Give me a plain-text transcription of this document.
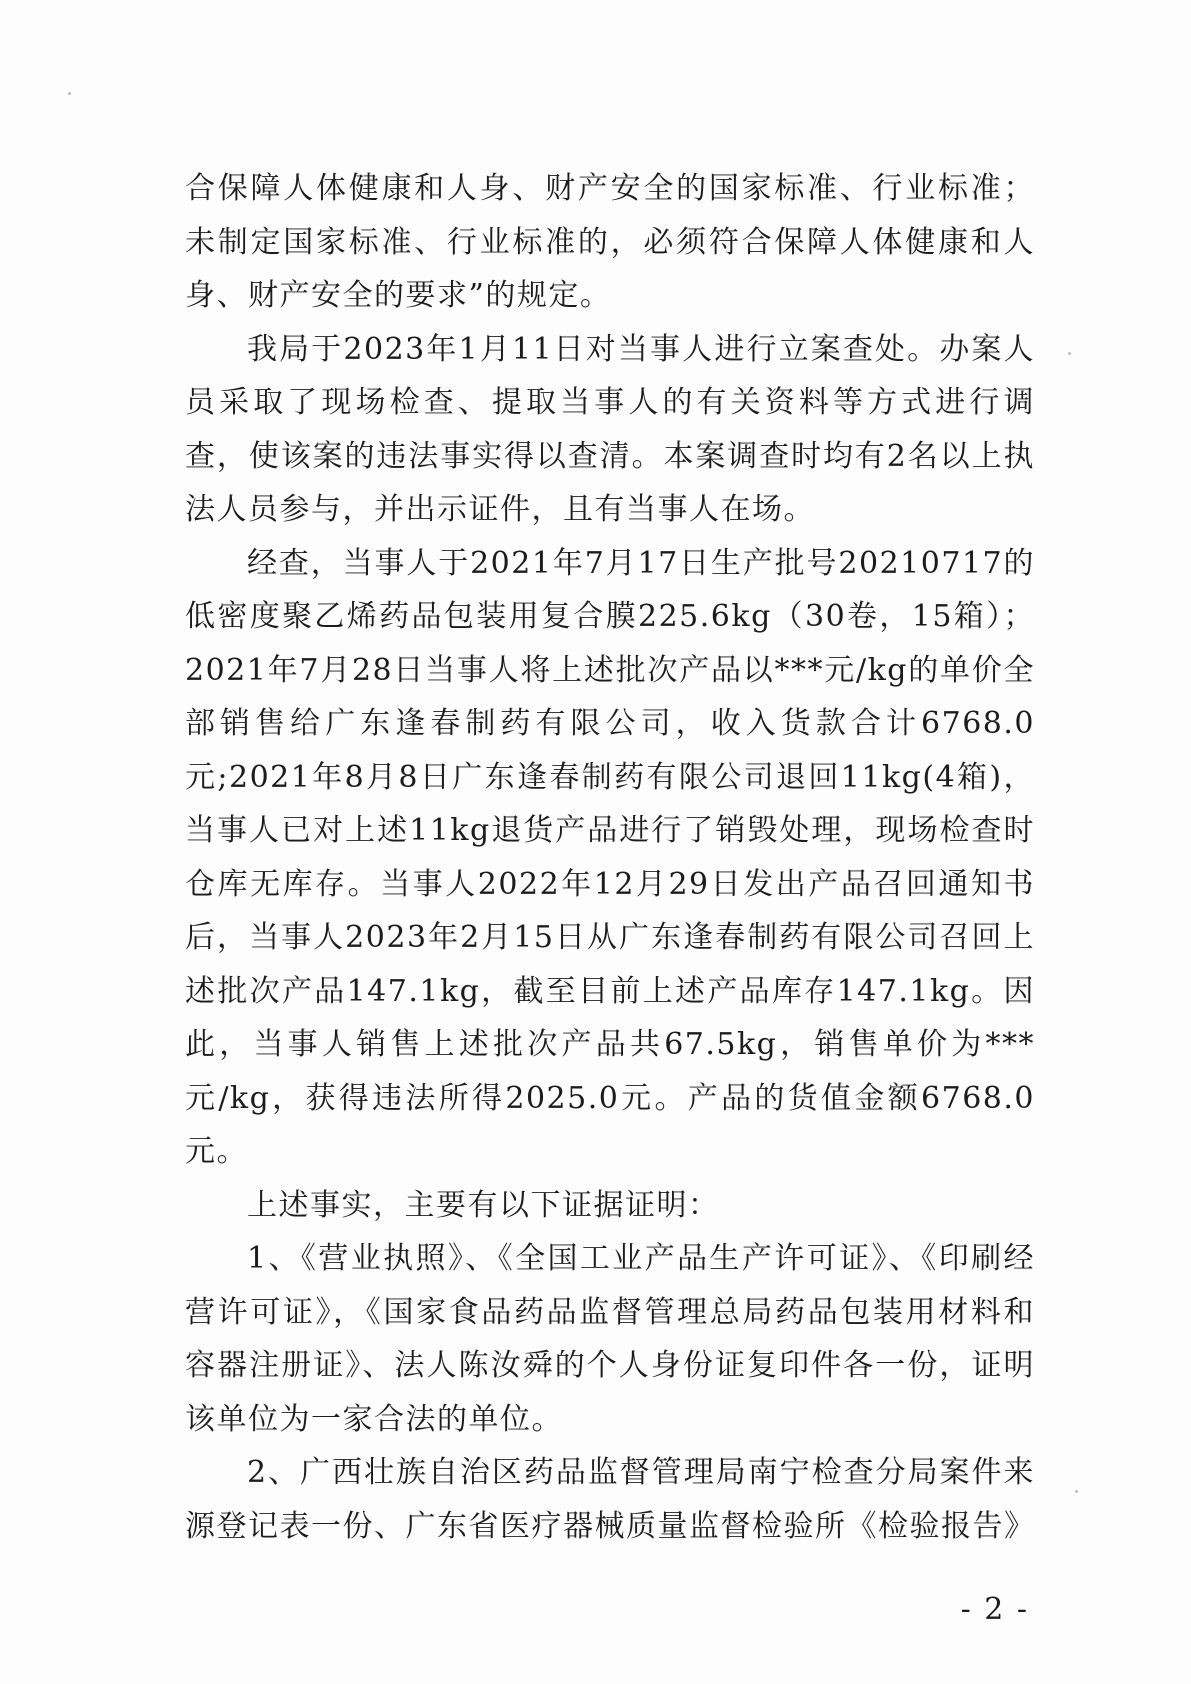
合保障人体健康和人身、财产安全的国家标准、行业标准；未制定国家标准、行业标准的，必须符合保障人体健康和人身、财产安全的要求”的规定。

我局于2023年1月11日对当事人进行立案查处。办案人员采取了现场检查、提取当事人的有关资料等方式进行调查，使该案的违法事实得以查清。本案调查时均有2名以上执法人员参与，并出示证件，且有当事人在场。

经查，当事人于2021年7月17日生产批号20210717的低密度聚乙烯药品包装用复合膜225.6kg（30卷，15箱）；2021年7月28日当事人将上述批次产品以***元/kg的单价全部销售给广东逢春制药有限公司，收入货款合计6768.0元;2021年8月8日广东逢春制药有限公司退回11kg(4箱)，当事人已对上述11kg退货产品进行了销毁处理，现场检查时仓库无库存。当事人2022年12月29日发出产品召回通知书后，当事人2023年2月15日从广东逢春制药有限公司召回上述批次产品147.1kg，截至目前上述产品库存147.1kg。因此，当事人销售上述批次产品共67.5kg，销售单价为***元/kg，获得违法所得2025.0元。产品的货值金额6768.0元。

上述事实，主要有以下证据证明：

1、《营业执照》、《全国工业产品生产许可证》、《印刷经营许可证》，《国家食品药品监督管理总局药品包装用材料和容器注册证》、法人陈汝舜的个人身份证复印件各一份，证明该单位为一家合法的单位。

2、广西壮族自治区药品监督管理局南宁检查分局案件来源登记表一份、广东省医疗器械质量监督检验所《检验报告》

- 2 -
